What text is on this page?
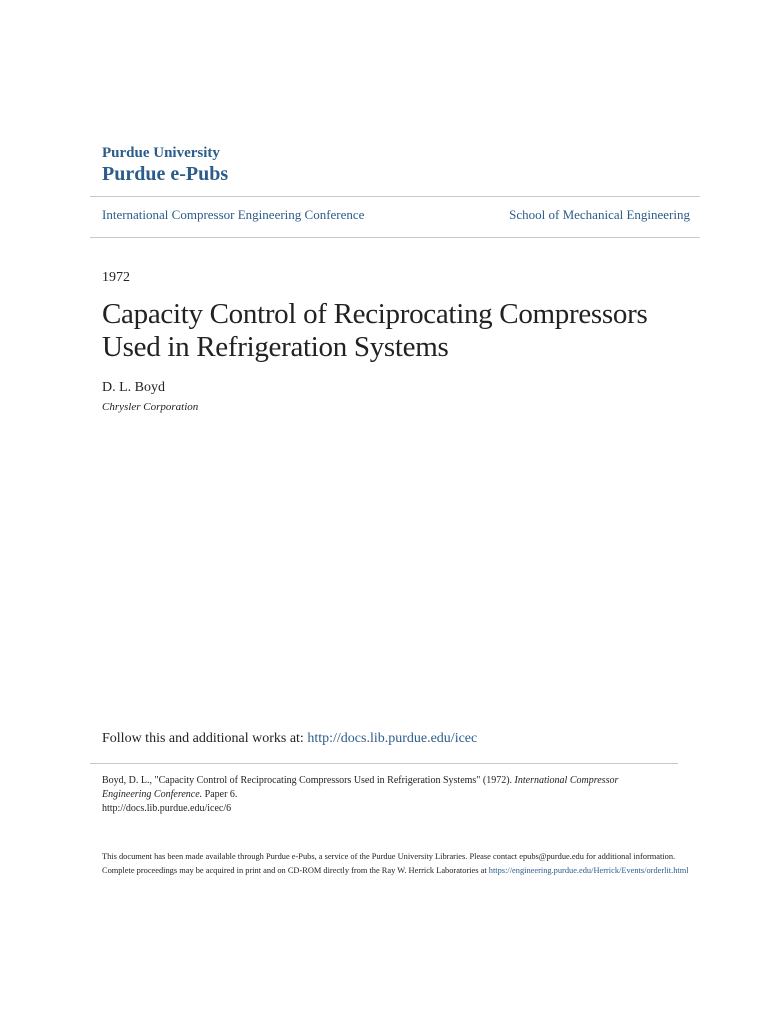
Purdue University
Purdue e-Pubs
International Compressor Engineering Conference	School of Mechanical Engineering
1972
Capacity Control of Reciprocating Compressors
Used in Refrigeration Systems
D. L. Boyd
Chrysler Corporation
Follow this and additional works at: http://docs.lib.purdue.edu/icec
Boyd, D. L., "Capacity Control of Reciprocating Compressors Used in Refrigeration Systems" (1972). International Compressor Engineering Conference. Paper 6.
http://docs.lib.purdue.edu/icec/6
This document has been made available through Purdue e-Pubs, a service of the Purdue University Libraries. Please contact epubs@purdue.edu for additional information.
Complete proceedings may be acquired in print and on CD-ROM directly from the Ray W. Herrick Laboratories at https://engineering.purdue.edu/Herrick/Events/orderlit.html
